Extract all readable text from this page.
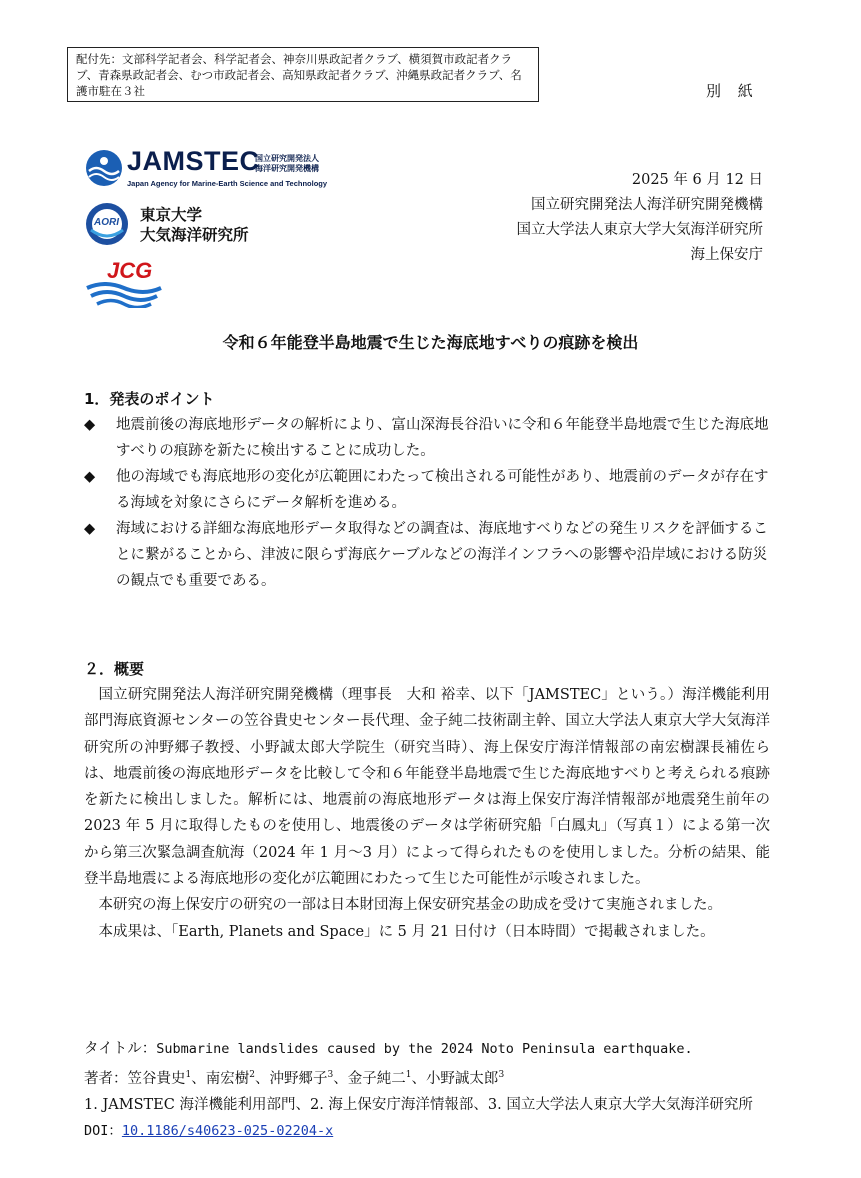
配付先：文部科学記者会、科学記者会、神奈川県政記者クラブ、横須賀市政記者クラブ、青森県政記者会、むつ市政記者会、高知県政記者クラブ、沖縄県政記者クラブ、名護市駐在３社	別 紙
JAMSTEC
国立研究開発法人
海洋研究開発機構
Japan Agency for Marine-Earth Science and Technology
AORI 東京大学
大気海洋研究所
JCG
2025 年 6 月 12 日
国立研究開発法人海洋研究開発機構
国立大学法人東京大学大気海洋研究所
海上保安庁
令和６年能登半島地震で生じた海底地すべりの痕跡を検出
1．発表のポイント
◆	地震前後の海底地形データの解析により、富山深海長谷沿いに令和６年能登半島地震で生じた海底地すべりの痕跡を新たに検出することに成功した。
◆	他の海域でも海底地形の変化が広範囲にわたって検出される可能性があり、地震前のデータが存在する海域を対象にさらにデータ解析を進める。
◆	海域における詳細な海底地形データ取得などの調査は、海底地すべりなどの発生リスクを評価することに繋がることから、津波に限らず海底ケーブルなどの海洋インフラへの影響や沿岸域における防災の観点でも重要である。
２．概要

国立研究開発法人海洋研究開発機構（理事長　大和 裕幸、以下「JAMSTEC」という。）海洋機能利用部門海底資源センターの笠谷貴史センター長代理、金子純二技術副主幹、国立大学法人東京大学大気海洋研究所の沖野郷子教授、小野誠太郎大学院生（研究当時）、海上保安庁海洋情報部の南宏樹課長補佐らは、地震前後の海底地形データを比較して令和６年能登半島地震で生じた海底地すべりと考えられる痕跡を新たに検出しました。解析には、地震前の海底地形データは海上保安庁海洋情報部が地震発生前年の 2023 年 5 月に取得したものを使用し、地震後のデータは学術研究船「白鳳丸」（写真１）による第一次から第三次緊急調査航海（2024 年 1 月～3 月）によって得られたものを使用しました。分析の結果、能登半島地震による海底地形の変化が広範囲にわたって生じた可能性が示唆されました。

本研究の海上保安庁の研究の一部は日本財団海上保安研究基金の助成を受けて実施されました。

本成果は、「Earth, Planets and Space」に 5 月 21 日付け（日本時間）で掲載されました。

タイトル：Submarine landslides caused by the 2024 Noto Peninsula earthquake.
著者：笠谷貴史$^1$、南宏樹$^2$、沖野郷子$^3$、金子純二$^1$、小野誠太郎$^3$
1. JAMSTEC 海洋機能利用部門、2. 海上保安庁海洋情報部、3. 国立大学法人東京大学大気海洋研究所
DOI：10.1186/s40623-025-02204-x
